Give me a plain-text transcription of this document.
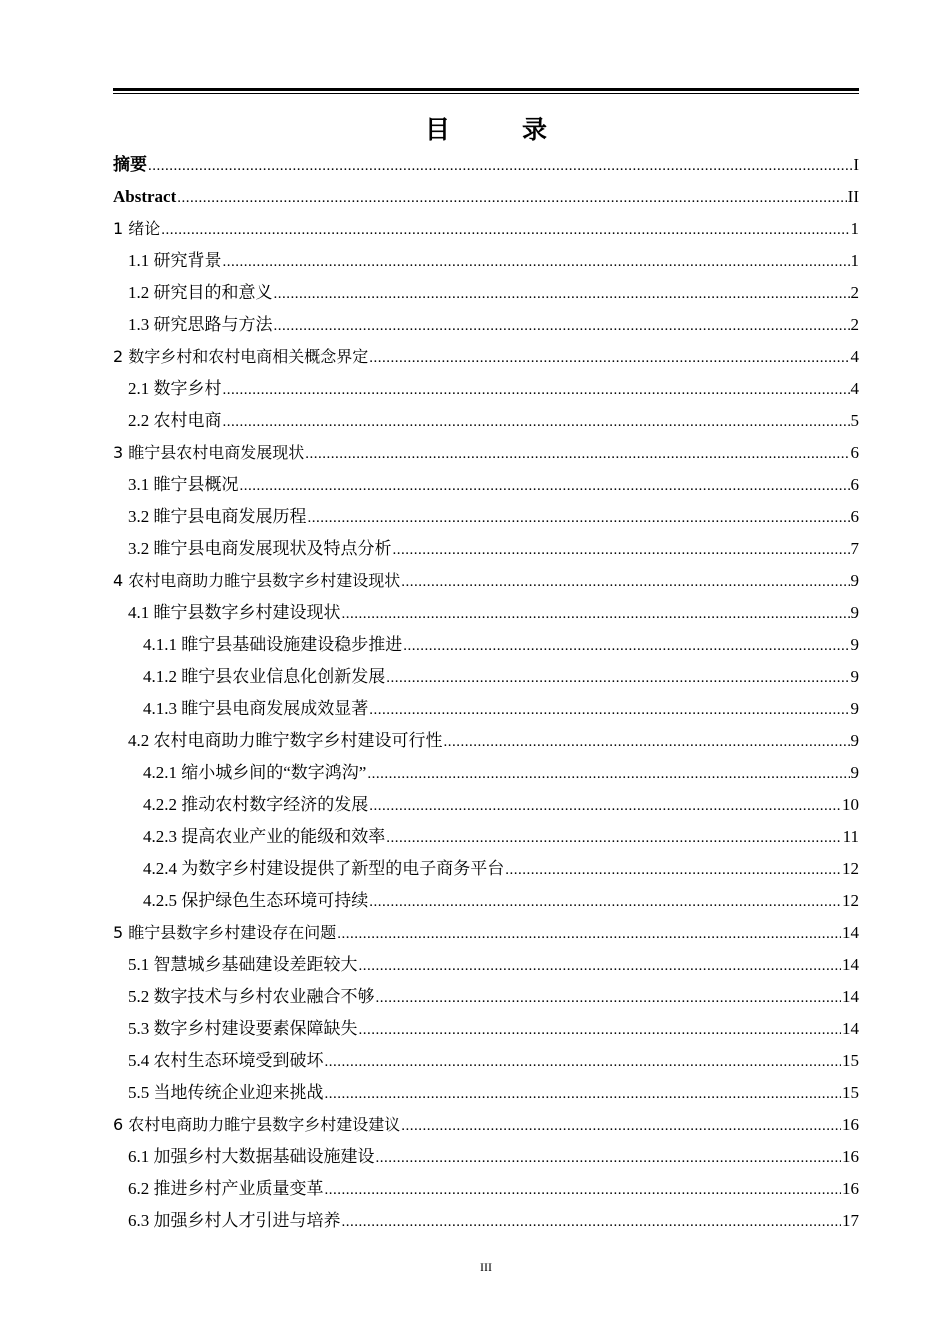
目	录
摘要 .....	I
Abstract .....	II
1 绪论 .....	1
1.1 研究背景 .....	1
1.2 研究目的和意义 .....	2
1.3 研究思路与方法 .....	2
2 数字乡村和农村电商相关概念界定 .....	4
2.1 数字乡村 .....	4
2.2 农村电商 .....	5
3 睢宁县农村电商发展现状 .....	6
3.1 睢宁县概况 .....	6
3.2 睢宁县电商发展历程 .....	6
3.2 睢宁县电商发展现状及特点分析 .....	7
4 农村电商助力睢宁县数字乡村建设现状 .....	9
4.1 睢宁县数字乡村建设现状 .....	9
4.1.1 睢宁县基础设施建设稳步推进 .....	9
4.1.2 睢宁县农业信息化创新发展 .....	9
4.1.3 睢宁县电商发展成效显著 .....	9
4.2 农村电商助力睢宁数字乡村建设可行性 .....	9
4.2.1 缩小城乡间的“数字鸿沟” .....	9
4.2.2 推动农村数字经济的发展 .....	10
4.2.3 提高农业产业的能级和效率 .....	11
4.2.4 为数字乡村建设提供了新型的电子商务平台 .....	12
4.2.5 保护绿色生态环境可持续 .....	12
5 睢宁县数字乡村建设存在问题 .....	14
5.1 智慧城乡基础建设差距较大 .....	14
5.2 数字技术与乡村农业融合不够 .....	14
5.3 数字乡村建设要素保障缺失 .....	14
5.4 农村生态环境受到破坏 .....	15
5.5 当地传统企业迎来挑战 .....	15
6 农村电商助力睢宁县数字乡村建设建议 .....	16
6.1 加强乡村大数据基础设施建设 .....	16
6.2 推进乡村产业质量变革 .....	16
6.3 加强乡村人才引进与培养 .....	17
III
